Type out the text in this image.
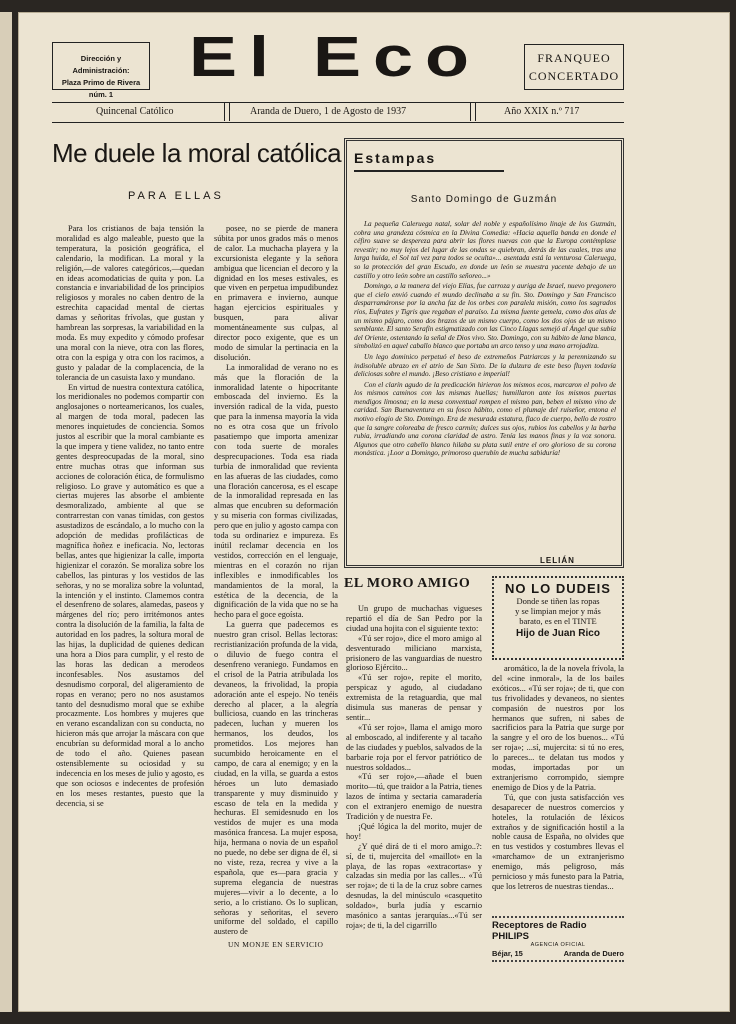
Dirección y Administración:
Plaza Primo de Rivera núm. 1
El Eco	FRANQUEO
CONCERTADO
Quincenal Católico	Aranda de Duero, 1 de Agosto de 1937	Año XXIX n.º 717
Me duele la moral católica
PARA ELLAS

Para los cristianos de baja tensión la moralidad es algo maleable, puesto que la temperatura, la posición geográfica, el calendario, la modifican. La moral y la religión,—de valores categóricos,—quedan en ideas acomodaticias de quita y pon. La constancia e invariabilidad de los principios religiosos y morales no caben dentro de la estrechita capacidad mental de ciertas damas y señoritas frívolas, que gustan y hambrean las sorpresas, la variabilidad en la moda. Es muy expedito y cómodo profesar una moral con la nieve, otra con las flores, otra con la espiga y otra con los racimos, a gusto y paladar de la complacencia, de la tolerancia de un casuista laxo y mundano.

En virtud de nuestra contextura católica, los meridionales no podemos compartir con anglosajones o norteamericanos, los cuales, al margen de toda moral, padecen las menores inquietudes de conciencia. Somos justos al escribir que la moral cambiante es la que impera y tiene validez, no tanto entre gentes despreocupadas de la moral, sino entre muchas otras que informan sus acciones de coloración ética, de formulismo religioso. Lo grave y automático es que a ciertas mujeres las absorbe el ambiente desmoralizado, ambiente al que se contrarrestan con vanas tímidas, con gestos asustadizos de escándalo, a lo mucho con la adopción de medidas profilácticas de magnífica ñoñez e ineficacia. No, lectoras bellas, antes que higienizar la calle, importa higienizar el corazón. Se moraliza sobre los cabellos, las pinturas y los vestidos de las señoras, y no se moraliza sobre la voluntad, la intención y el instinto. Clamemos contra el desenfreno de solares, alamedas, paseos y márgenes del río; pero irritémonos antes contra la disolución de la familia, la falta de autoridad en los padres, la soltura moral de las hijas, la duplicidad de quienes dedican una hora a Dios para cumplir, y el resto de las horas las dedican a merodeos inconfesables. Nos asustamos del desnudismo corporal, del aligeramiento de ropas en verano; pero no nos asustamos tanto del desnudismo moral que se exhibe procazmente. Los hombres y mujeres que en verano escandalizan con su conducta, no hicieron más que arrojar la máscara con que encubrían su deformidad moral a lo ancho de todo el año. Quienes pasean ostensiblemente su ociosidad y su indecencia en los meses de julio y agosto, es que son ociosos e indecentes de profesión en los meses restantes, puesto que la decencia, si se

posee, no se pierde de manera súbita por unos grados más o menos de calor. La muchacha playera y la excursionista elegante y la señora ambigua que licencian el decoro y la dignidad en los meses estivales, es que viven en perpetua impudibundez en primavera e invierno, aunque hagan ejercicios espirituales y busquen, para alivar momentáneamente sus culpas, al director poco exigente, que es un modo de simular la pertinacia en la disolución.

La inmoralidad de verano no es más que la floración de la inmoralidad latente o hipocritante emboscada del invierno. Es la inversión radical de la vida, puesto que para la inmensa mayoría la vida no es otra cosa que un frívolo pasatiempo que importa amenizar con toda suerte de morales desprecupaciones. Toda esa riada turbia de inmoralidad que revienta en las afueras de las ciudades, como una floración cancerosa, es el escape de la inmoralidad represada en las almas que encubren su deformación y su miseria con formas civilizadas, pero que en julio y agosto campa con toda su ordinariez e impureza. Es inútil reclamar decencia en los vestidos, corrección en el lenguaje, mientras en el corazón no rijan inflexibles e inmodificables los mandamientos de la moral, la estética de la decencia, de la dignificación de la vida que no se ha hecho para el goce egoísta.

La guerra que padecemos es nuestro gran crisol. Bellas lectoras: recristianización profunda de la vida, o diluvio de fuego contra el desenfreno veraniego. Fundamos en el crisol de la Patria atribulada los devaneos, la frivolidad, la propia adoración ante el espejo. No tenéis derecho al placer, a la alegría bulliciosa, cuando en las trincheras padecen, luchan y mueren los hermanos, los deudos, los prometidos. Los mejores han sucumbido heroicamente en el campo, de cara al enemigo; y en la ciudad, en la villa, se guarda a estos héroes un luto demasiado transparente y muy disminuido y escaso de tela en la medida y hechuras. El semidesnudo en los vestidos de mujer es una moda masónica francesa. La mujer esposa, hija, hermana o novia de un español no puede, no debe ser digna de él, si no viste, reza, recrea y vive a la española, que es—para gracia y suprema elegancia de nuestras mujeres—vivir a lo decente, a lo serio, a lo cristiano. Os lo suplican, señoras y señoritas, el severo uniforme del soldado, el capillo austero de

UN MONJE EN SERVICIO
Estampas
Santo Domingo de Guzmán

La pequeña Caleruega natal, solar del noble y españolísimo linaje de los Guzmán, cobra una grandeza cósmica en la Divina Comedia: «Hacia aquella banda en donde el céfiro suave se despereza para abrir las flores nuevas con que la Europa contémplase revestir; no muy lejos del lugar de las ondas se quiebran, detrás de las cuales, tras una larga huida, el Sol tal vez para todos se oculta»... asentada está la venturosa Caleruega, so la protección del gran Escudo, en donde un león se muestra yacente debajo de un castillo y otro león sobre un castillo señoreo...»

Domingo, a la manera del viejo Elías, fue carroza y auriga de Israel, nuevo pregonero que el cielo envió cuando el mundo declinaba a su fin. Sto. Domingo y San Francisco desparramáronse por la ancha faz de los orbes con paralela misión, como los sagrados ríos, Eufrates y Tigris que regaban el paraíso. La misma fuente gemela, como dos alas de un mismo pájaro, como dos brazos de un mismo cuerpo, como los dos ojos de un mismo semblante. El santo Serafín estigmatizado con las Cinco Llagas semejó al Ángel que subía del Oriente, ostentando la señal de Dios vivo. Sto. Domingo, con su hábito de lana blanca, simbolizó en aquel caballo blanco que portaba un arco tenso y una mano arrojadiza.

Un lego dominico perpetuó el beso de extremeños Patriarcas y la perennizando su indisoluble abrazo en el atrio de San Sixto. De la dulzura de este beso fluyen todavía deliciosas sobre el mundo. ¡Beso cristiano e imperial!

Con el clarín agudo de la predicación hirieron los mismos ecos, marcaron el polvo de los mismos caminos con las mismas huellas; humillaron ante los mismos puertas mendigos limosna; en la mesa conventual rompen el mismo pan, beben el mismo vino de caridad. San Buenaventura en su fosco hábito, como el plumaje del ruiseñor, entona el motivo elogio de Sto. Domingo. Era de mesurada estatura, flaco de cuerpo, bello de rostro que la sangre coloreaba de fresco carmín; dulces sus ojos, rubios los cabellos y la barba rubia, irradiando una corona claridad de astro. Tenía las manos finas y la voz sonora. Algunos que otro cabello blanco hilaba su plata sutil entre el oro glorioso de su corona monástica. ¡Loor a Domingo, primoroso querubín de mucha sabiduría!

LELIÁN
EL MORO AMIGO

Un grupo de muchachas vigueses repartió el día de San Pedro por la ciudad una hojita con el siguiente texto:

«Tú ser rojo», dice el moro amigo al desventurado miliciano marxista, prisionero de las vanguardias de nuestro glorioso Ejército...

«Tú ser rojo», repite el morito, perspicaz y agudo, al ciudadano extremista de la retaguardia, que mal disimula sus maneras de pensar y sentir...

«Tú ser rojo», llama el amigo moro al emboscado, al indiferente y al tacaño de las ciudades y pueblos, salvados de la barbarie roja por el fervor patriótico de nuestros soldados...

«Tú ser rojo»,—añade el buen morito—tú, que traidor a la Patria, tienes lazos de íntima y sectaria camaradería con el extranjero enemigo de nuestra Tradición y de nuestra Fe.

¡Qué lógica la del morito, mujer de hoy!

¿Y qué dirá de ti el moro amigo..?: sí, de ti, mujercita del «maillot» en la playa, de las ropas «extracortas» y calzadas sin media por las calles... «Tú ser roja»; de ti la de la cruz sobre carnes desnudas, la del minúsculo «casquetito soldado», burla judía y escarnio masónico a santas jerarquías...«Tú ser roja»; de ti, la del cigarrillo

aromático, la de la novela frívola, la del «cine inmoral», la de los bailes exóticos... «Tú ser roja»; de ti, que con tus frivolidades y devaneos, no sientes compasión de nuestros por los hermanos que sufren, ni sabes de sacrificios para la Patria que surge por la sangre y el oro de los buenos... «Tú ser roja»; ...sí, mujercita: si tú no eres, lo pareces... te delatan tus modos y modas, importadas por un extranjerismo corrompido, siempre enemigo de Dios y de la Patria.

Tú, que con justa satisfacción ves desaparecer de nuestros comercios y hoteles, la rotulación de léxicos extraños y de significación hostil a la noble causa de España, no olvides que en tus vestidos y costumbres llevas el «marchamo» de un extranjerismo enemigo, más peligroso, más pernicioso y más funesto para la Patria, que los letreros de nuestras tiendas...

NO LO DUDEIS
Donde se tiñen las ropas
y se limpian mejor y más
barato, es en el TINTE
Hijo de Juan Rico
Receptores de Radio PHILIPS
AGENCIA OFICIAL
Béjar, 15	Aranda de Duero
